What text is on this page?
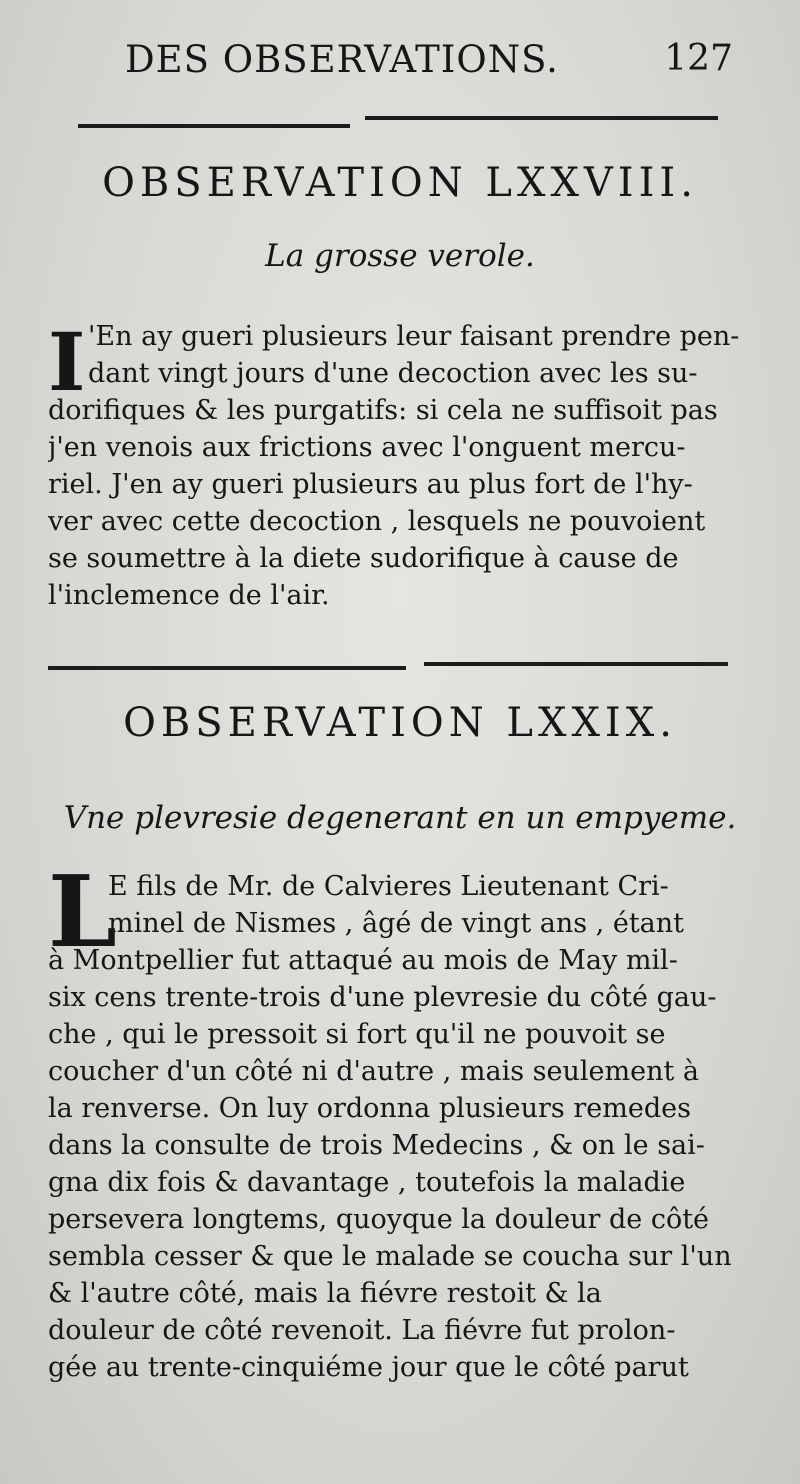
DES OBSERVATIONS.	127
OBSERVATION LXXVIII.
La grosse verole.
I 'En ay gueri plusieurs leur faisant prendre pen-
dant vingt jours d'une decoction avec les su-
dorifiques & les purgatifs: si cela ne suffisoit pas
j'en venois aux frictions avec l'onguent mercu-
riel. J'en ay gueri plusieurs au plus fort de l'hy-
ver avec cette decoction , lesquels ne pouvoient
se soumettre à la diete sudorifique à cause de
l'inclemence de l'air.
OBSERVATION LXXIX.
Vne plevresie degenerant en un empyeme.
L
E fils de Mr. de Calvieres Lieutenant Cri-
minel de Nismes , âgé de vingt ans , étant
à Montpellier fut attaqué au mois de May mil-
six cens trente-trois d'une plevresie du côté gau-
che , qui le pressoit si fort qu'il ne pouvoit se
coucher d'un côté ni d'autre , mais seulement à
la renverse. On luy ordonna plusieurs remedes
dans la consulte de trois Medecins , & on le sai-
gna dix fois & davantage , toutefois la maladie
persevera longtems, quoyque la douleur de côté
sembla cesser & que le malade se coucha sur l'un
& l'autre côté, mais la fiévre restoit & la
douleur de côté revenoit. La fiévre fut prolon-
gée au trente-cinquiéme jour que le côté parut
